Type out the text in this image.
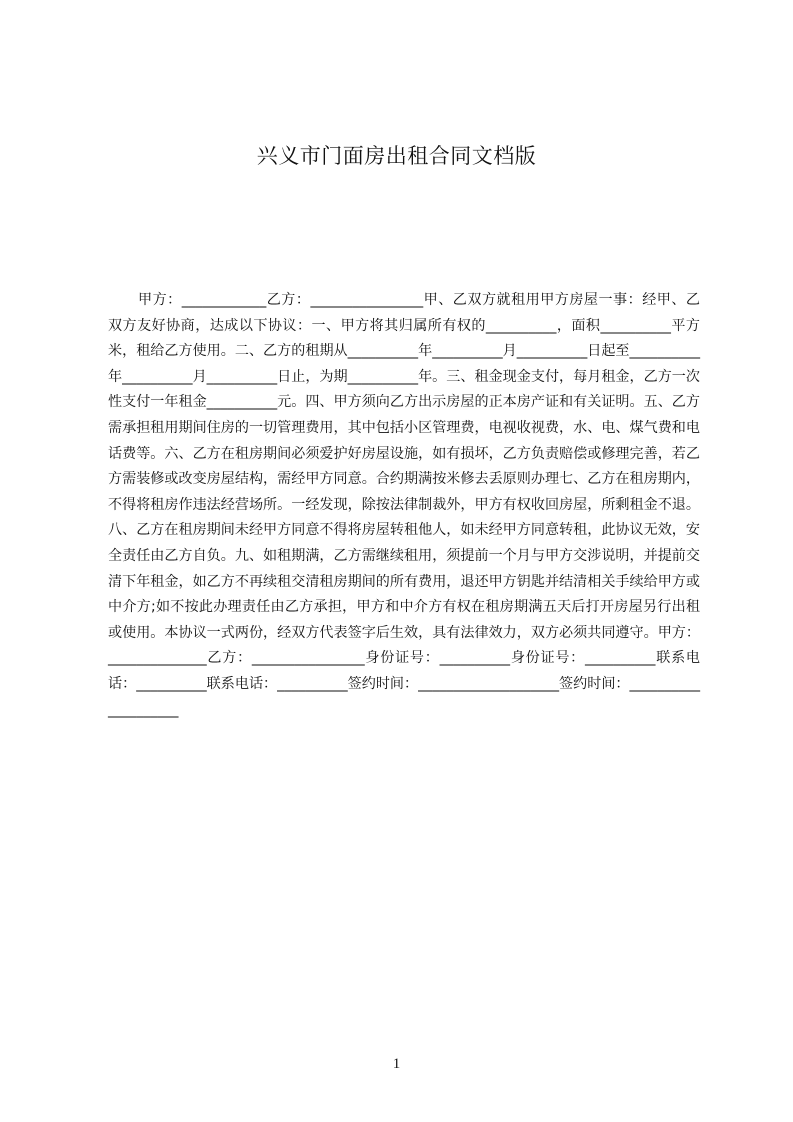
兴义市门面房出租合同文档版

甲方：____________乙方：________________甲、乙双方就租用甲方房屋一事：经甲、乙双方友好协商，达成以下协议：一、甲方将其归属所有权的__________，面积__________平方米，租给乙方使用。二、乙方的租期从__________年__________月__________日起至__________年__________月__________日止，为期__________年。三、租金现金支付，每月租金，乙方一次性支付一年租金__________元。四、甲方须向乙方出示房屋的正本房产证和有关证明。五、乙方需承担租用期间住房的一切管理费用，其中包括小区管理费，电视收视费，水、电、煤气费和电话费等。六、乙方在租房期间必须爱护好房屋设施，如有损坏，乙方负责赔偿或修理完善，若乙方需装修或改变房屋结构，需经甲方同意。合约期满按米修去丢原则办理七、乙方在租房期内，不得将租房作违法经营场所。一经发现，除按法律制裁外，甲方有权收回房屋，所剩租金不退。八、乙方在租房期间未经甲方同意不得将房屋转租他人，如未经甲方同意转租，此协议无效，安全责任由乙方自负。九、如租期满，乙方需继续租用，须提前一个月与甲方交涉说明，并提前交清下年租金，如乙方不再续租交清租房期间的所有费用，退还甲方钥匙并结清相关手续给甲方或中介方;如不按此办理责任由乙方承担，甲方和中介方有权在租房期满五天后打开房屋另行出租或使用。本协议一式两份，经双方代表签字后生效，具有法律效力，双方必须共同遵守。甲方：______________乙方：________________身份证号：__________身份证号：__________联系电话：__________联系电话：__________签约时间：____________________签约时间：____________________

1
